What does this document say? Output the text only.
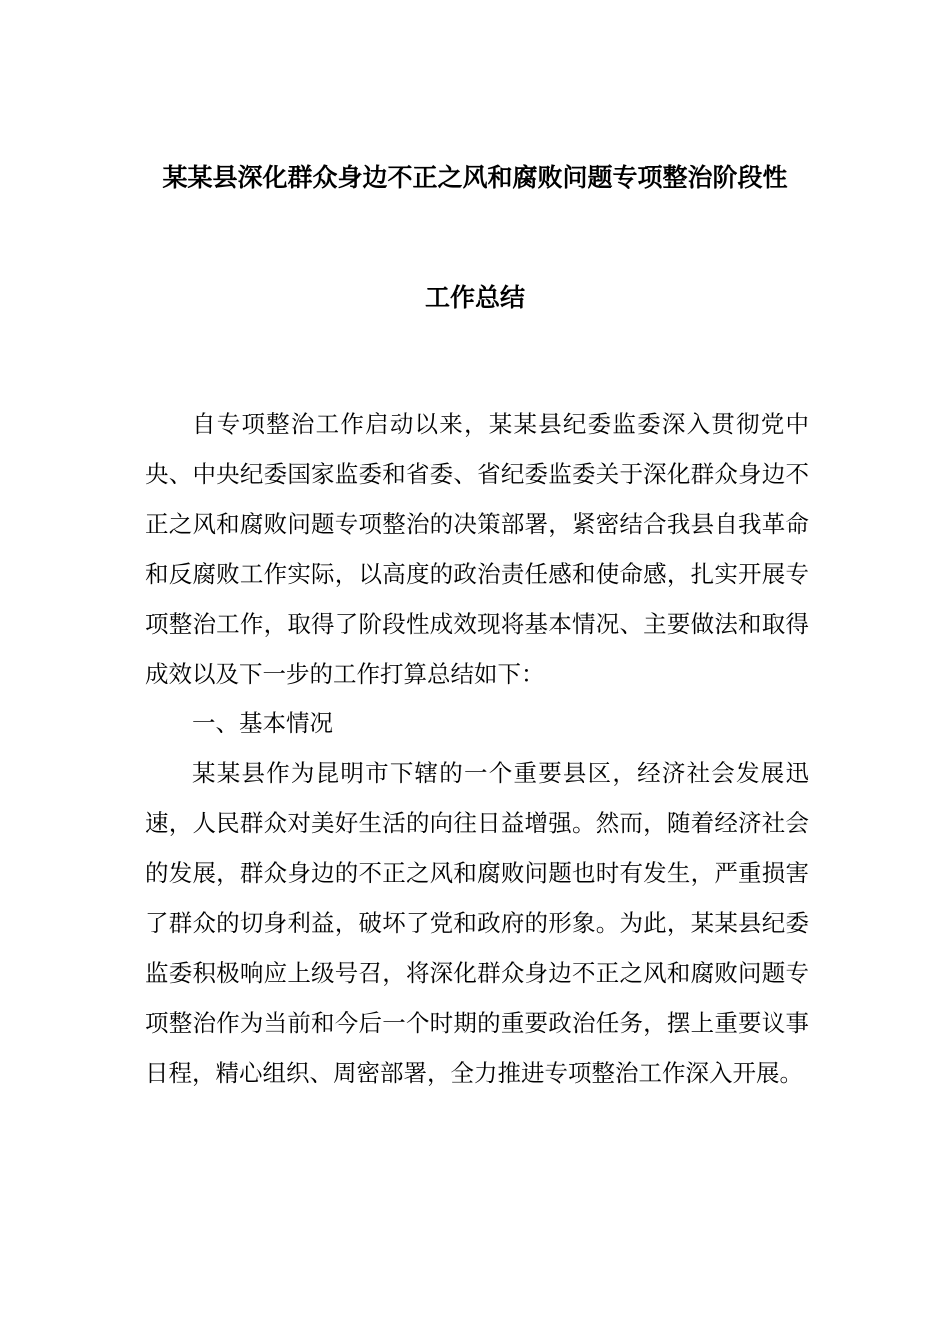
某某县深化群众身边不正之风和腐败问题专项整治阶段性
工作总结

自专项整治工作启动以来，某某县纪委监委深入贯彻党中央、中央纪委国家监委和省委、省纪委监委关于深化群众身边不正之风和腐败问题专项整治的决策部署，紧密结合我县自我革命和反腐败工作实际，以高度的政治责任感和使命感，扎实开展专项整治工作，取得了阶段性成效现将基本情况、主要做法和取得成效以及下一步的工作打算总结如下：

一、基本情况

某某县作为昆明市下辖的一个重要县区，经济社会发展迅速，人民群众对美好生活的向往日益增强。然而，随着经济社会的发展，群众身边的不正之风和腐败问题也时有发生，严重损害了群众的切身利益，破坏了党和政府的形象。为此，某某县纪委监委积极响应上级号召，将深化群众身边不正之风和腐败问题专项整治作为当前和今后一个时期的重要政治任务，摆上重要议事日程，精心组织、周密部署，全力推进专项整治工作深入开展。
